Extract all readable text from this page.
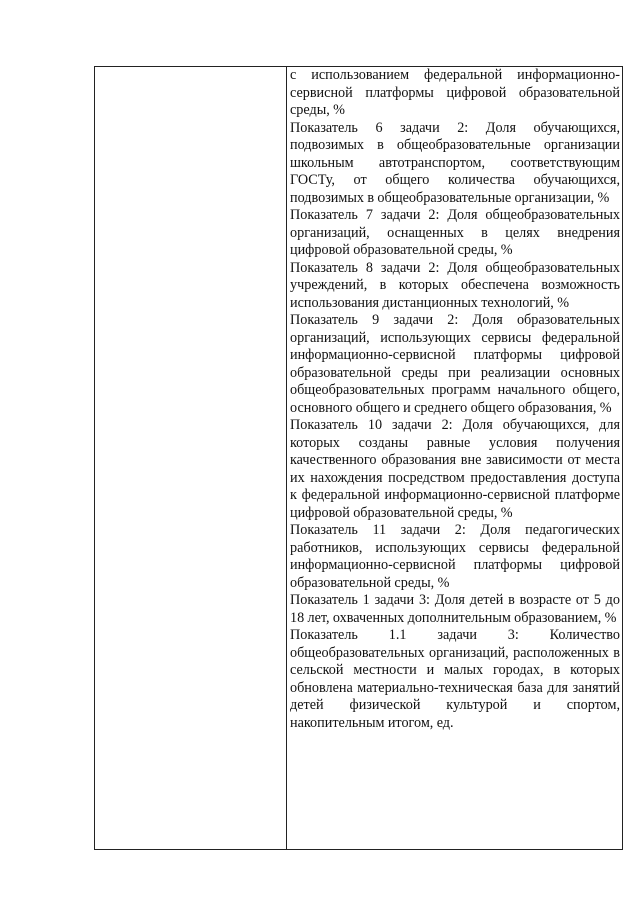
с использованием федеральной информационно-сервисной платформы цифровой образовательной среды, %

Показатель 6 задачи 2: Доля обучающихся, подвозимых в общеобразовательные организации школьным автотранспортом, соответствующим ГОСТу, от общего количества обучающихся, подвозимых в общеобразовательные организации, %

Показатель 7 задачи 2: Доля общеобразовательных организаций, оснащенных в целях внедрения цифровой образовательной среды, %

Показатель 8 задачи 2: Доля общеобразовательных учреждений, в которых обеспечена возможность использования дистанционных технологий, %

Показатель 9 задачи 2: Доля образовательных организаций, использующих сервисы федеральной информационно-сервисной платформы цифровой образовательной среды при реализации основных общеобразовательных программ начального общего, основного общего и среднего общего образования, %

Показатель 10 задачи 2: Доля обучающихся, для которых созданы равные условия получения качественного образования вне зависимости от места их нахождения посредством предоставления доступа к федеральной информационно-сервисной платформе цифровой образовательной среды, %

Показатель 11 задачи 2: Доля педагогических работников, использующих сервисы федеральной информационно-сервисной платформы цифровой образовательной среды, %

Показатель 1 задачи 3: Доля детей в возрасте от 5 до 18 лет, охваченных дополнительным образованием, %

Показатель 1.1 задачи 3: Количество общеобразовательных организаций, расположенных в сельской местности и малых городах, в которых обновлена материально-техническая база для занятий детей физической культурой и спортом, накопительным итогом, ед.
